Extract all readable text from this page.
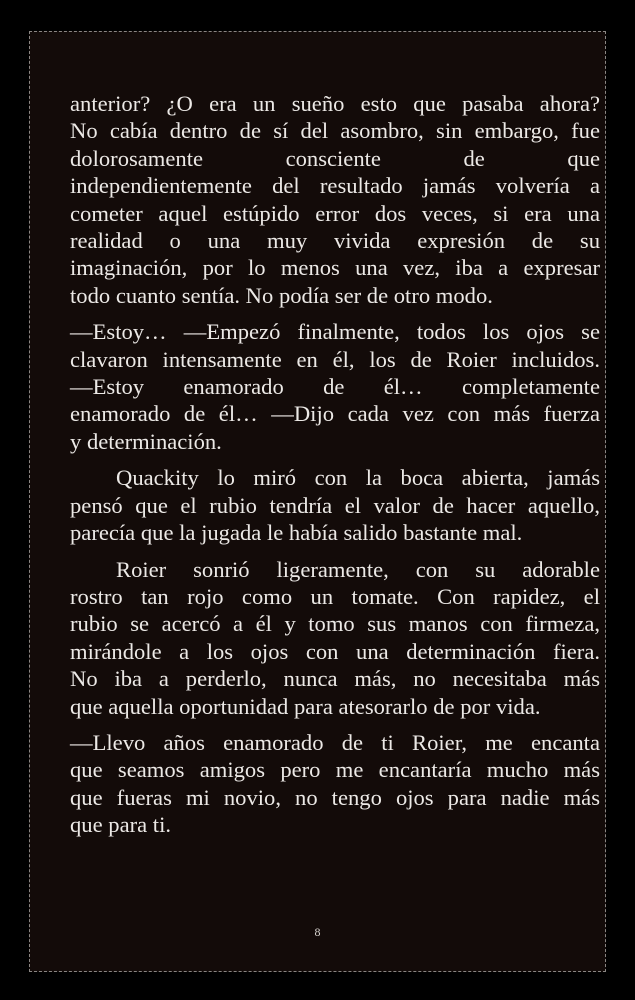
anterior? ¿O era un sueño esto que pasaba ahora?
No cabía dentro de sí del asombro, sin embargo, fue
dolorosamente consciente de que
independientemente del resultado jamás volvería a
cometer aquel estúpido error dos veces, si era una
realidad o una muy vivida expresión de su
imaginación, por lo menos una vez, iba a expresar
todo cuanto sentía. No podía ser de otro modo.

—Estoy… —Empezó finalmente, todos los ojos se
clavaron intensamente en él, los de Roier incluidos.
—Estoy enamorado de él… completamente
enamorado de él… —Dijo cada vez con más fuerza
y determinación.

Quackity lo miró con la boca abierta, jamás
pensó que el rubio tendría el valor de hacer aquello,
parecía que la jugada le había salido bastante mal.

Roier sonrió ligeramente, con su adorable
rostro tan rojo como un tomate. Con rapidez, el
rubio se acercó a él y tomo sus manos con firmeza,
mirándole a los ojos con una determinación fiera.
No iba a perderlo, nunca más, no necesitaba más
que aquella oportunidad para atesorarlo de por vida.

—Llevo años enamorado de ti Roier, me encanta
que seamos amigos pero me encantaría mucho más
que fueras mi novio, no tengo ojos para nadie más
que para ti.

8
